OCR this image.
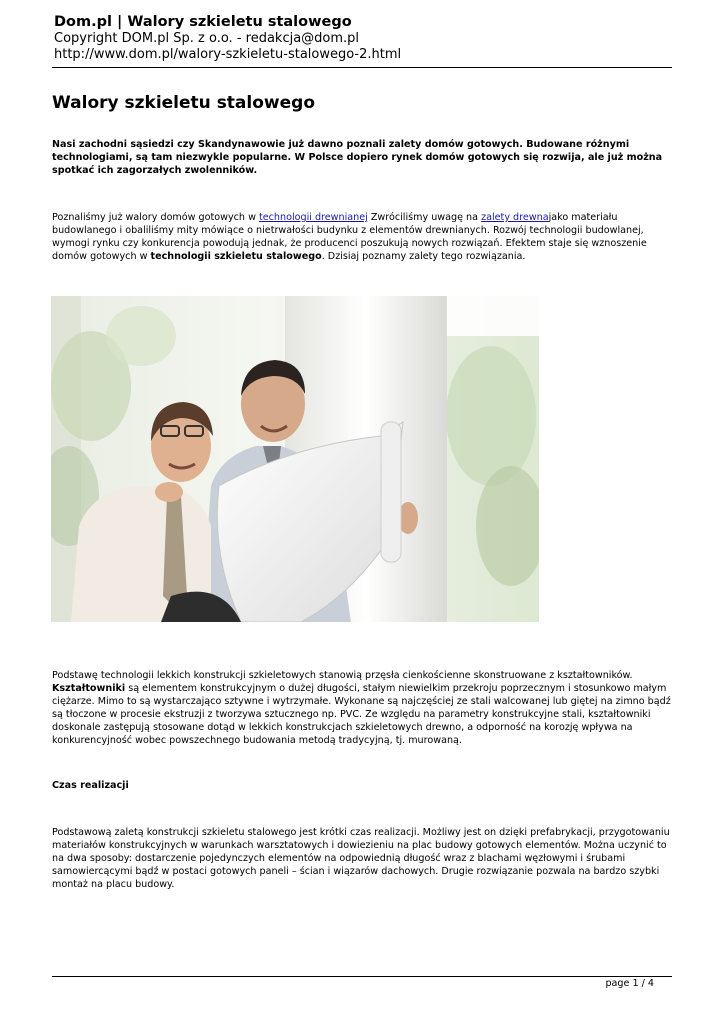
Dom.pl | Walory szkieletu stalowego
Copyright DOM.pl Sp. z o.o. - redakcja@dom.pl
http://www.dom.pl/walory-szkieletu-stalowego-2.html
Walory szkieletu stalowego

Nasi zachodni sąsiedzi czy Skandynawowie już dawno poznali zalety domów gotowych. Budowane różnymi technologiami, są tam niezwykle popularne. W Polsce dopiero rynek domów gotowych się rozwija, ale już można spotkać ich zagorzałych zwolenników.

Poznaliśmy już walory domów gotowych w technologii drewnianej Zwróciliśmy uwagę na zalety drewnajako materiału budowlanego i obaliliśmy mity mówiące o nietrwałości budynku z elementów drewnianych. Rozwój technologii budowlanej, wymogi rynku czy konkurencja powodują jednak, że producenci poszukują nowych rozwiązań. Efektem staje się wznoszenie domów gotowych w technologii szkieletu stalowego. Dzisiaj poznamy zalety tego rozwiązania.

Podstawę technologii lekkich konstrukcji szkieletowych stanowią przęsła cienkościenne skonstruowane z kształtowników. Kształtowniki są elementem konstrukcyjnym o dużej długości, stałym niewielkim przekroju poprzecznym i stosunkowo małym ciężarze. Mimo to są wystarczająco sztywne i wytrzymałe. Wykonane są najczęściej ze stali walcowanej lub giętej na zimno bądź są tłoczone w procesie ekstruzji z tworzywa sztucznego np. PVC. Ze względu na parametry konstrukcyjne stali, kształtowniki doskonale zastępują stosowane dotąd w lekkich konstrukcjach szkieletowych drewno, a odporność na korozję wpływa na konkurencyjność wobec powszechnego budowania metodą tradycyjną, tj. murowaną.

Czas realizacji

Podstawową zaletą konstrukcji szkieletu stalowego jest krótki czas realizacji. Możliwy jest on dzięki prefabrykacji, przygotowaniu materiałów konstrukcyjnych w warunkach warsztatowych i dowiezieniu na plac budowy gotowych elementów. Można uczynić to na dwa sposoby: dostarczenie pojedynczych elementów na odpowiednią długość wraz z blachami węzłowymi i śrubami samowiercącymi bądź w postaci gotowych paneli – ścian i wiązarów dachowych. Drugie rozwiązanie pozwala na bardzo szybki montaż na placu budowy.

page 1 / 4
